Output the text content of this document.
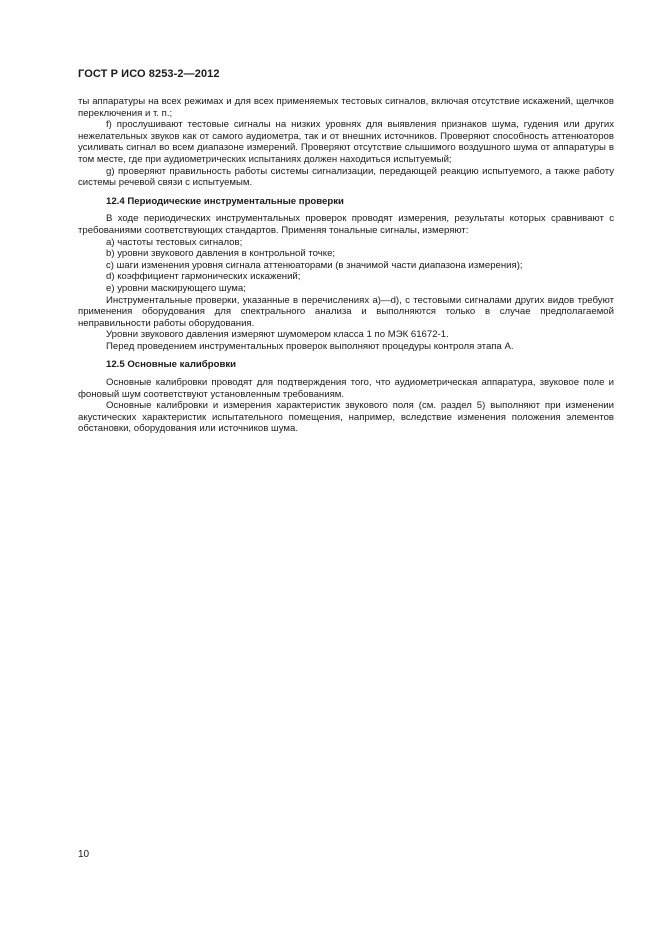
ГОСТ Р ИСО 8253-2—2012

ты аппаратуры на всех режимах и для всех применяемых тестовых сигналов, включая отсутствие искажений, щелчков переключения и т. п.;

f) прослушивают тестовые сигналы на низких уровнях для выявления признаков шума, гудения или других нежелательных звуков как от самого аудиометра, так и от внешних источников. Проверяют способность аттенюаторов усиливать сигнал во всем диапазоне измерений. Проверяют отсутствие слышимого воздушного шума от аппаратуры в том месте, где при аудиометрических испытаниях должен находиться испытуемый;

g) проверяют правильность работы системы сигнализации, передающей реакцию испытуемого, а также работу системы речевой связи с испытуемым.

12.4 Периодические инструментальные проверки

В ходе периодических инструментальных проверок проводят измерения, результаты которых сравнивают с требованиями соответствующих стандартов. Применяя тональные сигналы, измеряют:

a) частоты тестовых сигналов;

b) уровни звукового давления в контрольной точке;

c) шаги изменения уровня сигнала аттенюаторами (в значимой части диапазона измерения);

d) коэффициент гармонических искажений;

e) уровни маскирующего шума;

Инструментальные проверки, указанные в перечислениях a)—d), с тестовыми сигналами других видов требуют применения оборудования для спектрального анализа и выполняются только в случае предполагаемой неправильности работы оборудования.

Уровни звукового давления измеряют шумомером класса 1 по МЭК 61672-1.

Перед проведением инструментальных проверок выполняют процедуры контроля этапа А.

12.5 Основные калибровки

Основные калибровки проводят для подтверждения того, что аудиометрическая аппаратура, звуковое поле и фоновый шум соответствуют установленным требованиям.

Основные калибровки и измерения характеристик звукового поля (см. раздел 5) выполняют при изменении акустических характеристик испытательного помещения, например, вследствие изменения положения элементов обстановки, оборудования или источников шума.

10
